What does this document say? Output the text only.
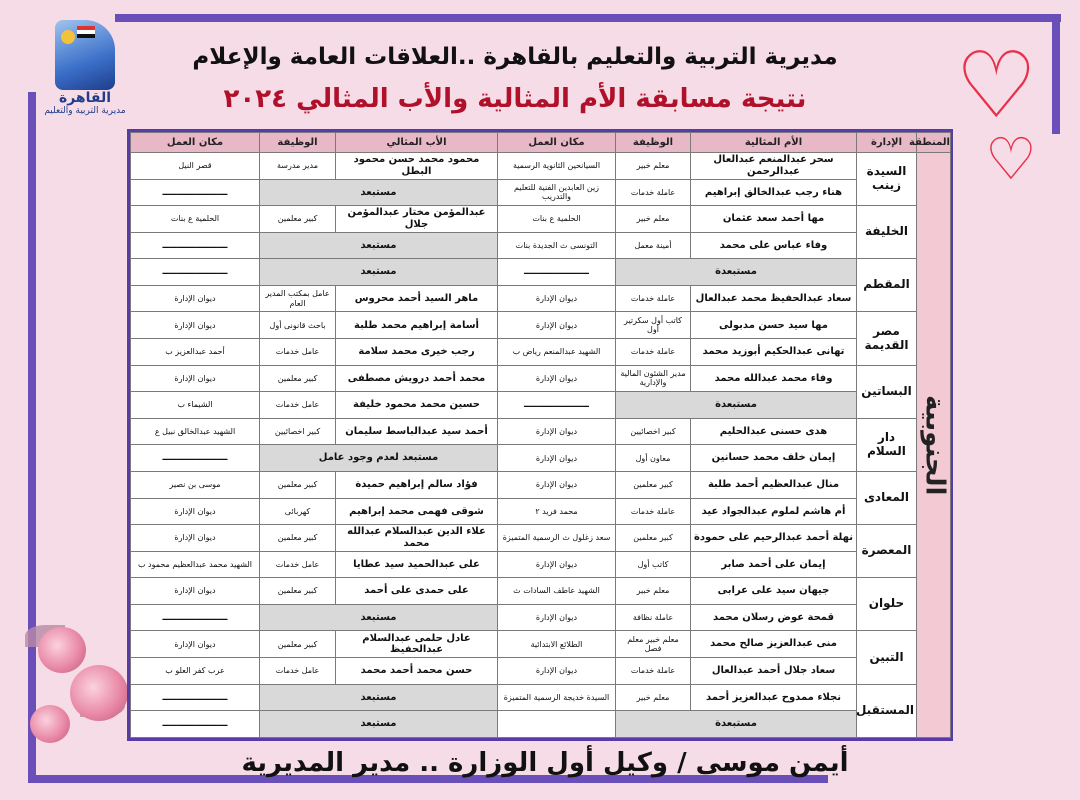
القاهرة
مديرية التربية والتعليم
مديرية التربية والتعليم بالقاهرة ..العلاقات العامة والإعلام
نتيجة مسابقة الأم المثالية والأب المثالي ٢٠٢٤	♡
♡
المنطقة	الإدارة	الأم المثالية	الوظيفة	مكان العمل	الأب المثالي	الوظيفة	مكان العمل
الجنوبية	السيدة زينب	سحر عبدالمنعم عبدالعال عبدالرحمن	معلم خبير	السيانحين الثانوية الرسمية	محمود محمد حسن محمود البطل	مدير مدرسة	قصر النيل
		هناء رجب عبدالخالق إبراهيم	عاملة خدمات	زين العابدين الفنية للتعليم والتدريب	مستبعد		ـــــــــــــــــــ
	الخليفة	مها أحمد سعد عثمان	معلم خبير	الحلمية ع بنات	عبدالمؤمن مختار عبدالمؤمن جلال	كبير معلمين	الحلمية ع بنات
		وفاء عباس على محمد	أمينة معمل	التونسى ث الجديدة بنات	مستبعد		ـــــــــــــــــــ
	المقطم	مستبعدة		ـــــــــــــــــــ	مستبعد		ـــــــــــــــــــ
		سعاد عبدالحفيظ محمد عبدالعال	عاملة خدمات	ديوان الإدارة	ماهر السيد أحمد محروس	عامل بمكتب المدير العام	ديوان الإدارة
	مصر القديمة	مها سيد حسن مدبولى	كاتب أول سكرتير أول	ديوان الإدارة	أسامة إبراهيم محمد طلبة	باحث قانونى أول	ديوان الإدارة
		تهانى عبدالحكيم أبوزيد محمد	عاملة خدمات	الشهيد عبدالمنعم رياض ب	رجب خيرى محمد سلامة	عامل خدمات	أحمد عبدالعزيز ب
	البساتين	وفاء محمد عبدالله محمد	مدير الشئون المالية والإدارية	ديوان الإدارة	محمد أحمد درويش مصطفى	كبير معلمين	ديوان الإدارة
		مستبعدة		ـــــــــــــــــــ	حسين محمد محمود خليفة	عامل خدمات	الشيماء ب
	دار السلام	هدى حسنى عبدالحليم	كبير اخصائيين	ديوان الإدارة	أحمد سيد عبدالباسط سليمان	كبير اخصائيين	الشهيد عبدالخالق نبيل ع
		إيمان خلف محمد حسانين	معاون أول	ديوان الإدارة	مستبعد لعدم وجود عامل		ـــــــــــــــــــ
	المعادى	منال عبدالعظيم أحمد طلبة	كبير معلمين	ديوان الإدارة	فؤاد سالم إبراهيم حميدة	كبير معلمين	موسى بن نصير
		أم هاشم لملوم عبدالجواد عيد	عاملة خدمات	محمد فريد ٢	شوقى فهمى محمد إبراهيم	كهربائى	ديوان الإدارة
	المعصرة	نهلة أحمد عبدالرحيم على حمودة	كبير معلمين	سعد زغلول ث الرسمية المتميزة	علاء الدين عبدالسلام عبدالله محمد	كبير معلمين	ديوان الإدارة
		إيمان على أحمد صابر	كاتب أول	ديوان الإدارة	على عبدالحميد سيد عطايا	عامل خدمات	الشهيد محمد عبدالعظيم محمود ب
	حلوان	جيهان سيد على عرابى	معلم خبير	الشهيد عاطف السادات ث	على حمدى على أحمد	كبير معلمين	ديوان الإدارة
		قمحة عوض رسلان محمد	عاملة نظافة	ديوان الإدارة	مستبعد		ـــــــــــــــــــ
	التبين	منى عبدالعزيز صالح محمد	معلم خبير معلم فصل	الطلائع الابتدائية	عادل حلمى عبدالسلام عبدالحفيظ	كبير معلمين	ديوان الإدارة
		سعاد جلال أحمد عبدالعال	عاملة خدمات	ديوان الإدارة	حسن محمد أحمد محمد	عامل خدمات	عرب كفر العلو ب
	المستقبل	نجلاء ممدوح عبدالعزيز أحمد	معلم خبير	السيدة خديجة الرسمية المتميزة	مستبعد		ـــــــــــــــــــ
		مستبعدة			مستبعد		ـــــــــــــــــــ
أيمن موسى / وكيل أول الوزارة .. مدير المديرية
